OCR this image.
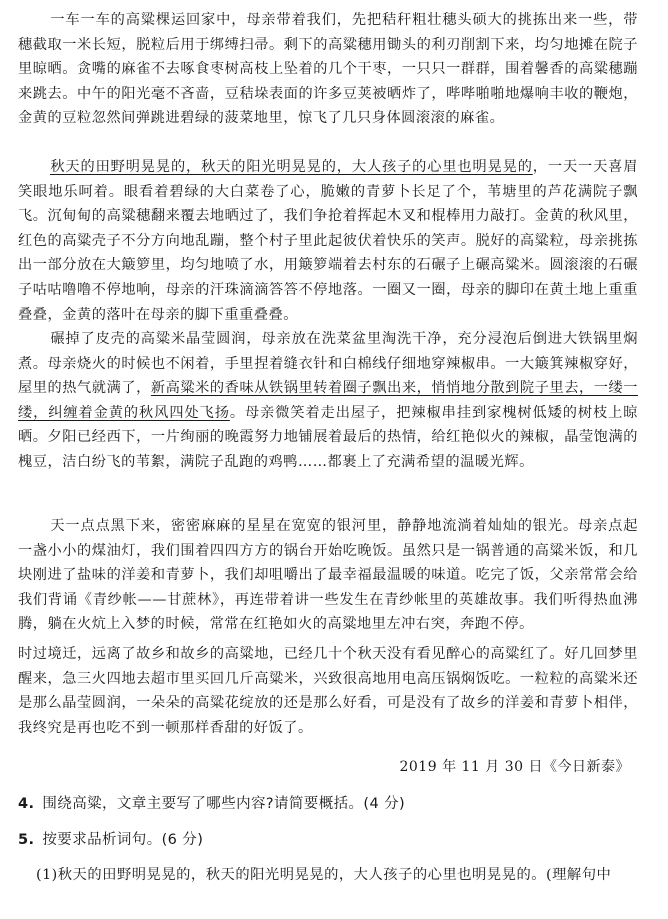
一车一车的高粱棵运回家中，母亲带着我们，先把秸秆粗壮穗头硕大的挑拣出来一些，带穗截取一米长短，脱粒后用于绑缚扫帚。剩下的高粱穗用锄头的利刃削割下来，均匀地摊在院子里晾晒。贪嘴的麻雀不去啄食枣树高枝上坠着的几个干枣，一只只一群群，围着馨香的高粱穗蹦来跳去。中午的阳光毫不吝啬，豆秸垛表面的许多豆荚被晒炸了，哔哔啪啪地爆响丰收的鞭炮，金黄的豆粒忽然间弹跳进碧绿的菠菜地里，惊飞了几只身体圆滚滚的麻雀。

秋天的田野明晃晃的，秋天的阳光明晃晃的，大人孩子的心里也明晃晃的，一天一天喜眉笑眼地乐呵着。眼看着碧绿的大白菜卷了心，脆嫩的青萝卜长足了个，苇塘里的芦花满院子飘飞。沉甸甸的高粱穗翻来覆去地晒过了，我们争抢着挥起木叉和棍棒用力敲打。金黄的秋风里，红色的高粱壳子不分方向地乱蹦，整个村子里此起彼伏着快乐的笑声。脱好的高粱粒，母亲挑拣出一部分放在大簸箩里，均匀地喷了水，用簸箩端着去村东的石碾子上碾高粱米。圆滚滚的石碾子咕咕噜噜不停地响，母亲的汗珠滴滴答答不停地落。一圈又一圈，母亲的脚印在黄土地上重重叠叠，金黄的落叶在母亲的脚下重重叠叠。

碾掉了皮壳的高粱米晶莹圆润，母亲放在洗菜盆里淘洗干净，充分浸泡后倒进大铁锅里焖煮。母亲烧火的时候也不闲着，手里捏着缝衣针和白棉线仔细地穿辣椒串。一大簸箕辣椒穿好，屋里的热气就满了，新高粱米的香味从铁锅里转着圈子飘出来，悄悄地分散到院子里去，一缕一缕，纠缠着金黄的秋风四处飞扬。母亲微笑着走出屋子，把辣椒串挂到家槐树低矮的树枝上晾晒。夕阳已经西下，一片绚丽的晚霞努力地铺展着最后的热情，给红艳似火的辣椒，晶莹饱满的槐豆，洁白纷飞的苇絮，满院子乱跑的鸡鸭……都裹上了充满希望的温暖光辉。

天一点点黑下来，密密麻麻的星星在宽宽的银河里，静静地流淌着灿灿的银光。母亲点起一盏小小的煤油灯，我们围着四四方方的锅台开始吃晚饭。虽然只是一锅普通的高粱米饭，和几块刚进了盐味的洋姜和青萝卜，我们却咀嚼出了最幸福最温暖的味道。吃完了饭，父亲常常会给我们背诵《青纱帐——甘蔗林》，再连带着讲一些发生在青纱帐里的英雄故事。我们听得热血沸腾，躺在火炕上入梦的时候，常常在红艳如火的高粱地里左冲右突，奔跑不停。

时过境迁，远离了故乡和故乡的高粱地，已经几十个秋天没有看见醉心的高粱红了。好几回梦里醒来，急三火四地去超市里买回几斤高粱米，兴致很高地用电高压锅焖饭吃。一粒粒的高粱米还是那么晶莹圆润，一朵朵的高粱花绽放的还是那么好看，可是没有了故乡的洋姜和青萝卜相伴，我终究是再也吃不到一顿那样香甜的好饭了。

2019 年 11 月 30 日《今日新泰》
4. 围绕高粱，文章主要写了哪些内容?请简要概括。(4 分)
5. 按要求品析词句。(6 分)
(1)秋天的田野明晃晃的，秋天的阳光明晃晃的，大人孩子的心里也明晃晃的。(理解句中
